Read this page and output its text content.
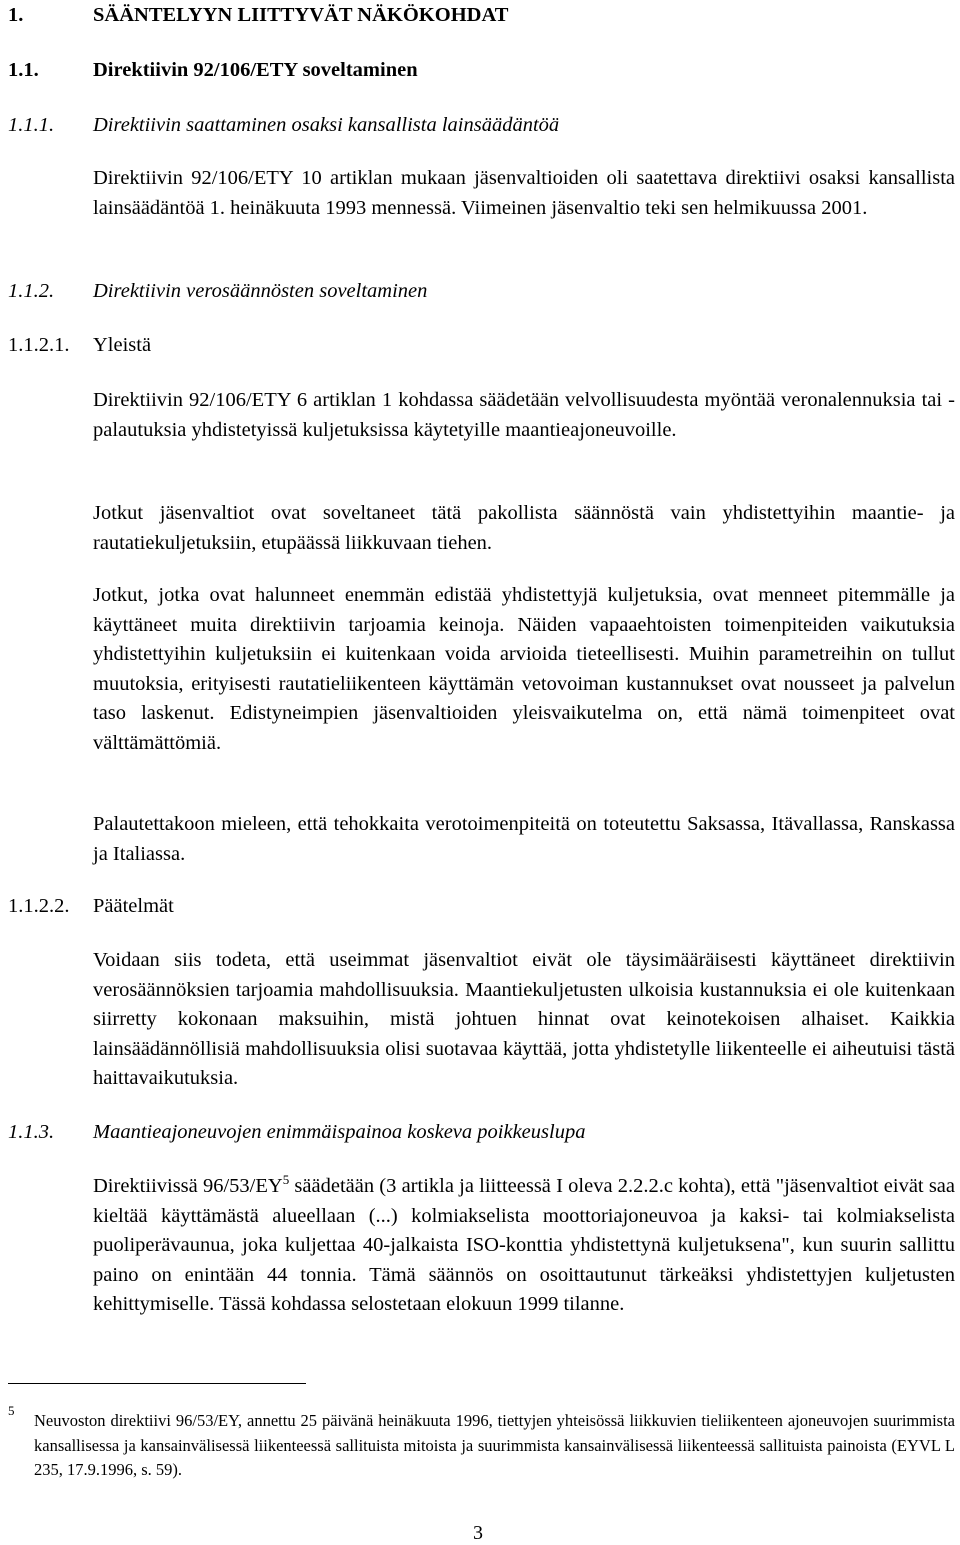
1.	SÄÄNTELYYN LIITTYVÄT NÄKÖKOHDAT
1.1.	Direktiivin 92/106/ETY soveltaminen
1.1.1. Direktiivin saattaminen osaksi kansallista lainsäädäntöä

Direktiivin 92/106/ETY 10 artiklan mukaan jäsenvaltioiden oli saatettava direktiivi osaksi kansallista lainsäädäntöä 1. heinäkuuta 1993 mennessä. Viimeinen jäsenvaltio teki sen helmikuussa 2001.

1.1.2. Direktiivin verosäännösten soveltaminen
1.1.2.1. Yleistä

Direktiivin 92/106/ETY 6 artiklan 1 kohdassa säädetään velvollisuudesta myöntää veronalennuksia tai -palautuksia yhdistetyissä kuljetuksissa käytetyille maantieajoneuvoille.

Jotkut jäsenvaltiot ovat soveltaneet tätä pakollista säännöstä vain yhdistettyihin maantie- ja rautatiekuljetuksiin, etupäässä liikkuvaan tiehen.

Jotkut, jotka ovat halunneet enemmän edistää yhdistettyjä kuljetuksia, ovat menneet pitemmälle ja käyttäneet muita direktiivin tarjoamia keinoja. Näiden vapaaehtoisten toimenpiteiden vaikutuksia yhdistettyihin kuljetuksiin ei kuitenkaan voida arvioida tieteellisesti. Muihin parametreihin on tullut muutoksia, erityisesti rautatieliikenteen käyttämän vetovoiman kustannukset ovat nousseet ja palvelun taso laskenut. Edistyneimpien jäsenvaltioiden yleisvaikutelma on, että nämä toimenpiteet ovat välttämättömiä.

Palautettakoon mieleen, että tehokkaita verotoimenpiteitä on toteutettu Saksassa, Itävallassa, Ranskassa ja Italiassa.

1.1.2.2. Päätelmät

Voidaan siis todeta, että useimmat jäsenvaltiot eivät ole täysimääräisesti käyttäneet direktiivin verosäännöksien tarjoamia mahdollisuuksia. Maantiekuljetusten ulkoisia kustannuksia ei ole kuitenkaan siirretty kokonaan maksuihin, mistä johtuen hinnat ovat keinotekoisen alhaiset. Kaikkia lainsäädännöllisiä mahdollisuuksia olisi suotavaa käyttää, jotta yhdistetylle liikenteelle ei aiheutuisi tästä haittavaikutuksia.

1.1.3. Maantieajoneuvojen enimmäispainoa koskeva poikkeuslupa

Direktiivissä $96/53/EY^5$ säädetään (3 artikla ja liitteessä I oleva 2.2.2.c kohta), että "jäsenvaltiot eivät saa kieltää käyttämästä alueellaan (...) kolmiakselista moottoriajoneuvoa ja kaksi- tai kolmiakselista puoliperävaunua, joka kuljettaa 40-jalkaista ISO-konttia yhdistettynä kuljetuksena", kun suurin sallittu paino on enintään 44 tonnia. Tämä säännös on osoittautunut tärkeäksi yhdistettyjen kuljetusten kehittymiselle. Tässä kohdassa selostetaan elokuun 1999 tilanne.

5
Neuvoston direktiivi 96/53/EY, annettu 25 päivänä heinäkuuta 1996, tiettyjen yhteisössä liikkuvien tieliikenteen ajoneuvojen suurimmista kansallisessa ja kansainvälisessä liikenteessä sallituista mitoista ja suurimmista kansainvälisessä liikenteessä sallituista painoista (EYVL L 235, 17.9.1996, s. 59).
3
